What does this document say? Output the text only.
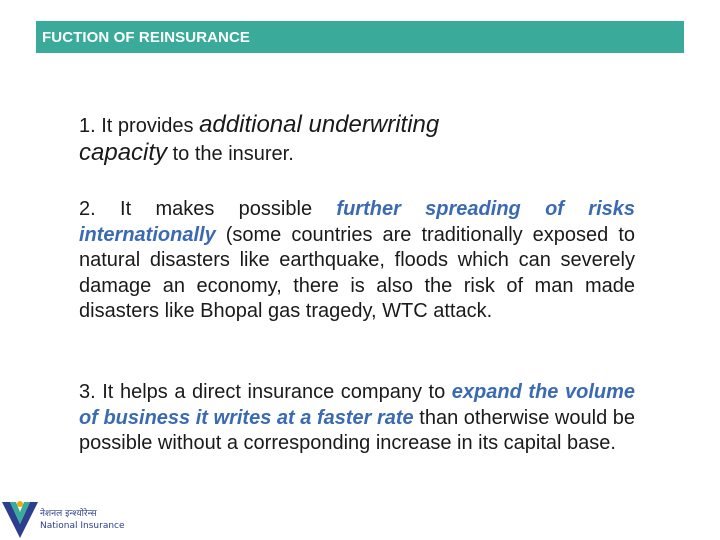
FUCTION OF REINSURANCE
1. It provides additional underwriting
capacity to the insurer.
2. It makes possible further spreading of risks internationally (some countries are traditionally exposed to natural disasters like earthquake, floods which can severely damage an economy, there is also the risk of man made disasters like Bhopal gas tragedy, WTC attack.
3. It helps a direct insurance company to expand the volume of business it writes at a faster rate than otherwise would be possible without a corresponding increase in its capital base.
नेशनल इन्श्योरेन्स
National Insurance
